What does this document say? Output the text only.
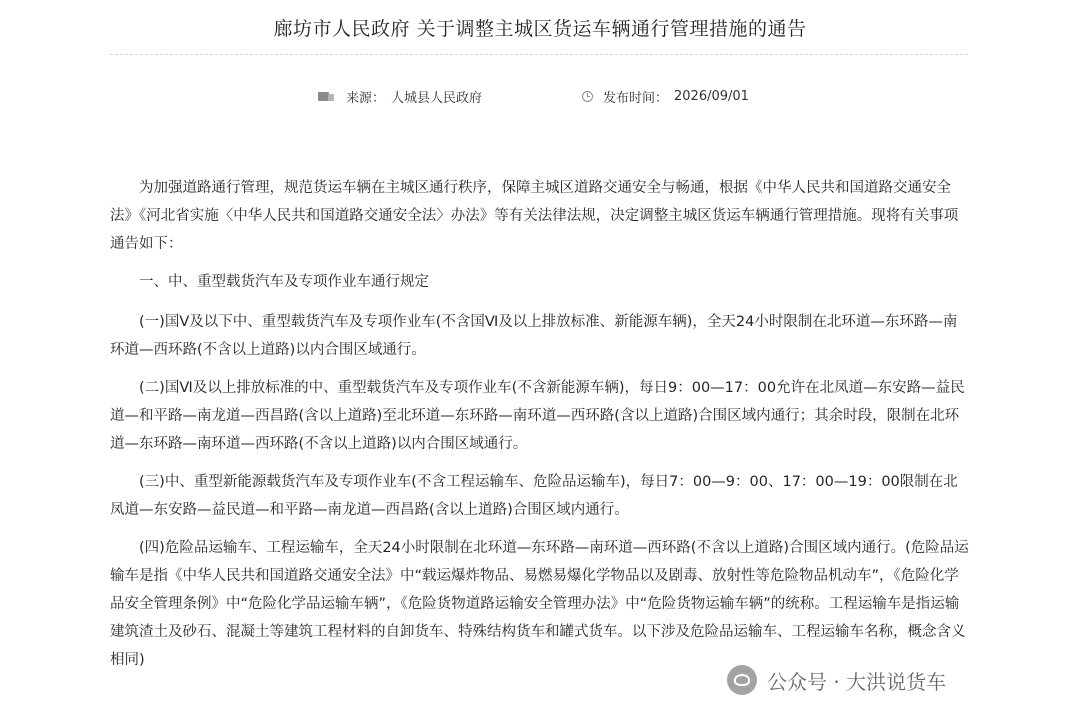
廊坊市人民政府 关于调整主城区货运车辆通行管理措施的通告
来源： 人城县人民政府	发布时间： 2026/09/01

为加强道路通行管理，规范货运车辆在主城区通行秩序，保障主城区道路交通安全与畅通，根据《中华人民共和国道路交通安全法》《河北省实施〈中华人民共和国道路交通安全法〉办法》等有关法律法规，决定调整主城区货运车辆通行管理措施。现将有关事项通告如下：

一、中、重型载货汽车及专项作业车通行规定

(一)国Ⅴ及以下中、重型载货汽车及专项作业车(不含国Ⅵ及以上排放标准、新能源车辆)，全天24小时限制在北环道—东环路—南环道—西环路(不含以上道路)以内合围区域通行。

(二)国Ⅵ及以上排放标准的中、重型载货汽车及专项作业车(不含新能源车辆)，每日9：00—17：00允许在北凤道—东安路—益民道—和平路—南龙道—西昌路(含以上道路)至北环道—东环路—南环道—西环路(含以上道路)合围区域内通行；其余时段，限制在北环道—东环路—南环道—西环路(不含以上道路)以内合围区域通行。

(三)中、重型新能源载货汽车及专项作业车(不含工程运输车、危险品运输车)，每日7：00—9：00、17：00—19：00限制在北凤道—东安路—益民道—和平路—南龙道—西昌路(含以上道路)合围区域内通行。

(四)危险品运输车、工程运输车，全天24小时限制在北环道—东环路—南环道—西环路(不含以上道路)合围区域内通行。(危险品运输车是指《中华人民共和国道路交通安全法》中“载运爆炸物品、易燃易爆化学物品以及剧毒、放射性等危险物品机动车”，《危险化学品安全管理条例》中“危险化学品运输车辆”，《危险货物道路运输安全管理办法》中“危险货物运输车辆”的统称。工程运输车是指运输建筑渣土及砂石、混凝土等建筑工程材料的自卸货车、特殊结构货车和罐式货车。以下涉及危险品运输车、工程运输车名称，概念含义相同)

公众号 · 大洪说货车
